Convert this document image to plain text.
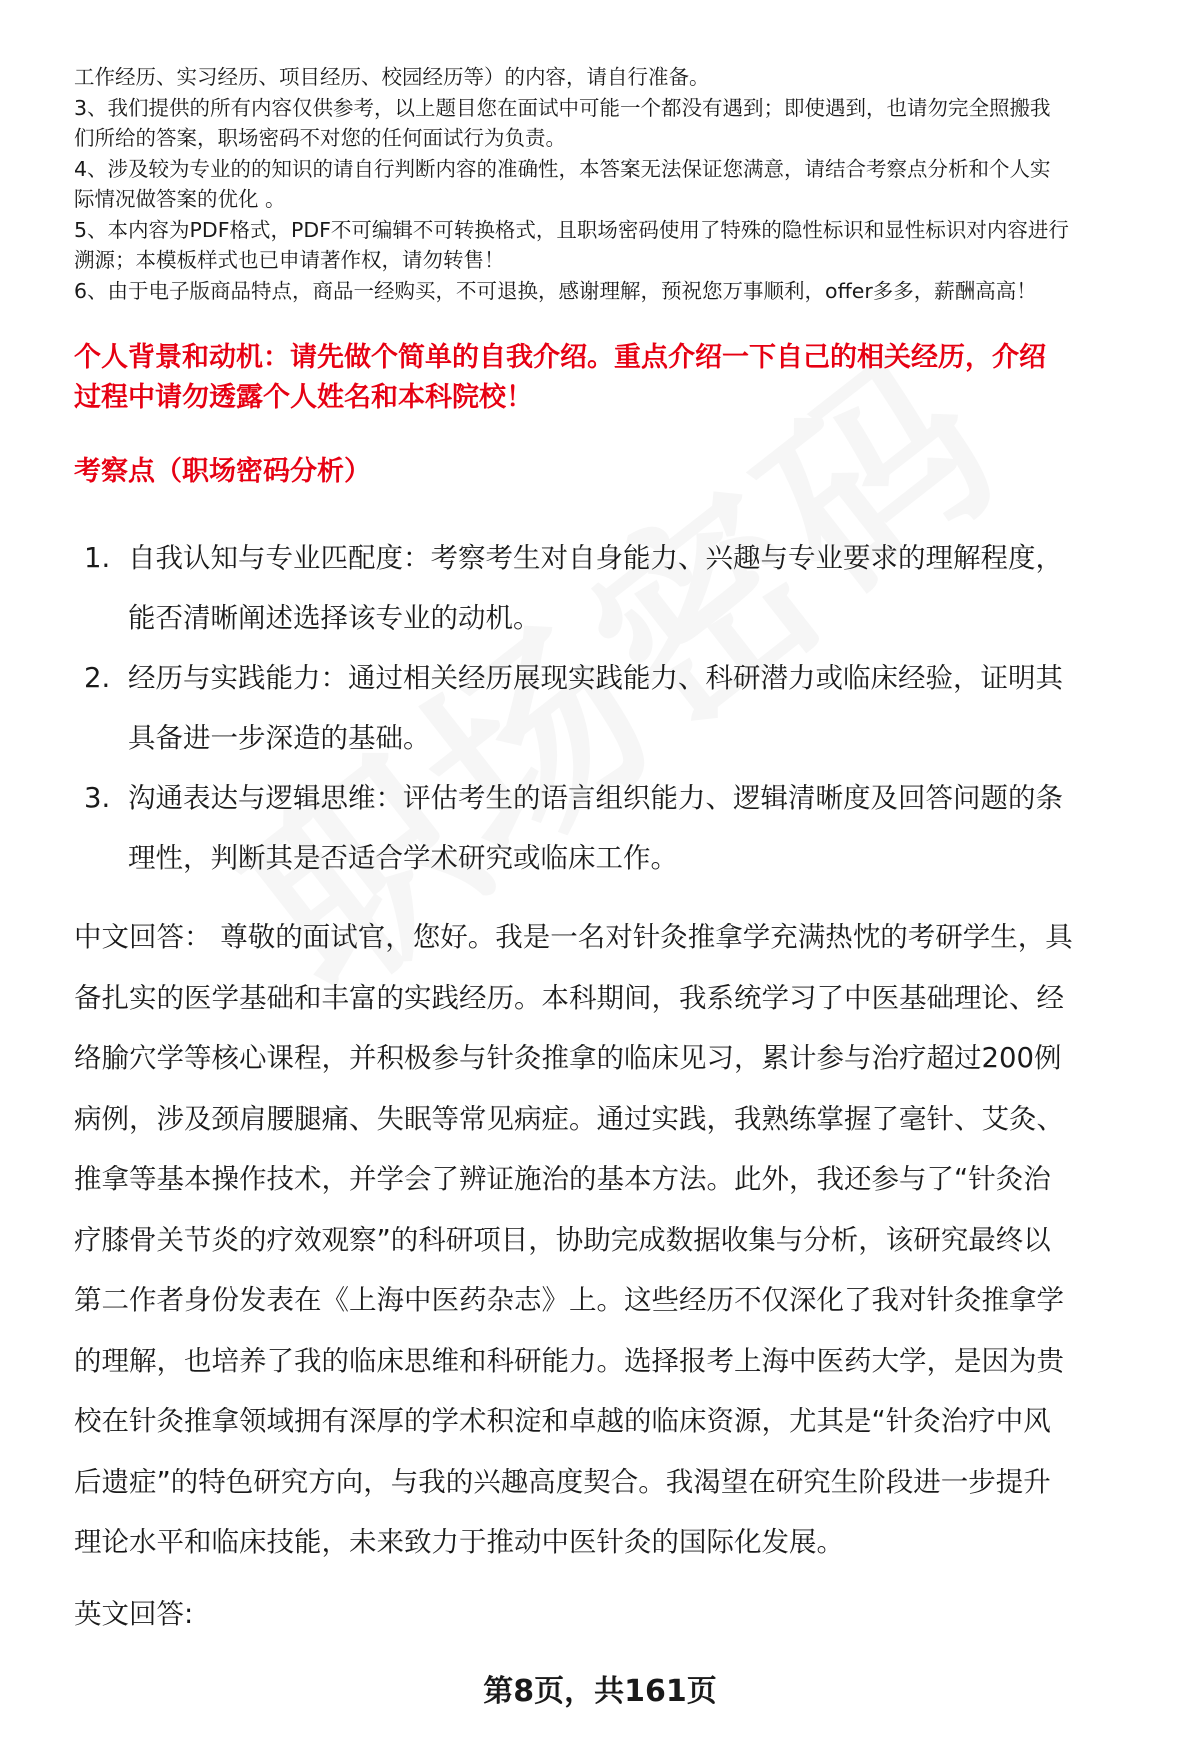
工作经历、实习经历、项目经历、校园经历等）的内容，请自行准备。

3、我们提供的所有内容仅供参考，以上题目您在面试中可能一个都没有遇到；即使遇到，也请勿完全照搬我

们所给的答案，职场密码不对您的任何面试行为负责。

4、涉及较为专业的的知识的请自行判断内容的准确性，本答案无法保证您满意，请结合考察点分析和个人实

际情况做答案的优化 。

5、本内容为PDF格式，PDF不可编辑不可转换格式，且职场密码使用了特殊的隐性标识和显性标识对内容进行

溯源；本模板样式也已申请著作权，请勿转售！

6、由于电子版商品特点，商品一经购买，不可退换，感谢理解，预祝您万事顺利，offer多多，薪酬高高！

个人背景和动机：请先做个简单的自我介绍。重点介绍一下自己的相关经历，介绍

过程中请勿透露个人姓名和本科院校！

考察点（职场密码分析）
1. 自我认知与专业匹配度：考察考生对自身能力、兴趣与专业要求的理解程度，
能否清晰阐述选择该专业的动机。
2. 经历与实践能力：通过相关经历展现实践能力、科研潜力或临床经验，证明其
具备进一步深造的基础。
3. 沟通表达与逻辑思维：评估考生的语言组织能力、逻辑清晰度及回答问题的条
理性，判断其是否适合学术研究或临床工作。

中文回答： 尊敬的面试官，您好。我是一名对针灸推拿学充满热忱的考研学生，具

备扎实的医学基础和丰富的实践经历。本科期间，我系统学习了中医基础理论、经

络腧穴学等核心课程，并积极参与针灸推拿的临床见习，累计参与治疗超过200例

病例，涉及颈肩腰腿痛、失眠等常见病症。通过实践，我熟练掌握了毫针、艾灸、

推拿等基本操作技术，并学会了辨证施治的基本方法。此外，我还参与了“针灸治

疗膝骨关节炎的疗效观察”的科研项目，协助完成数据收集与分析，该研究最终以

第二作者身份发表在《上海中医药杂志》上。这些经历不仅深化了我对针灸推拿学

的理解，也培养了我的临床思维和科研能力。选择报考上海中医药大学，是因为贵

校在针灸推拿领域拥有深厚的学术积淀和卓越的临床资源，尤其是“针灸治疗中风

后遗症”的特色研究方向，与我的兴趣高度契合。我渴望在研究生阶段进一步提升

理论水平和临床技能，未来致力于推动中医针灸的国际化发展。

英文回答:

第8页，共161页
